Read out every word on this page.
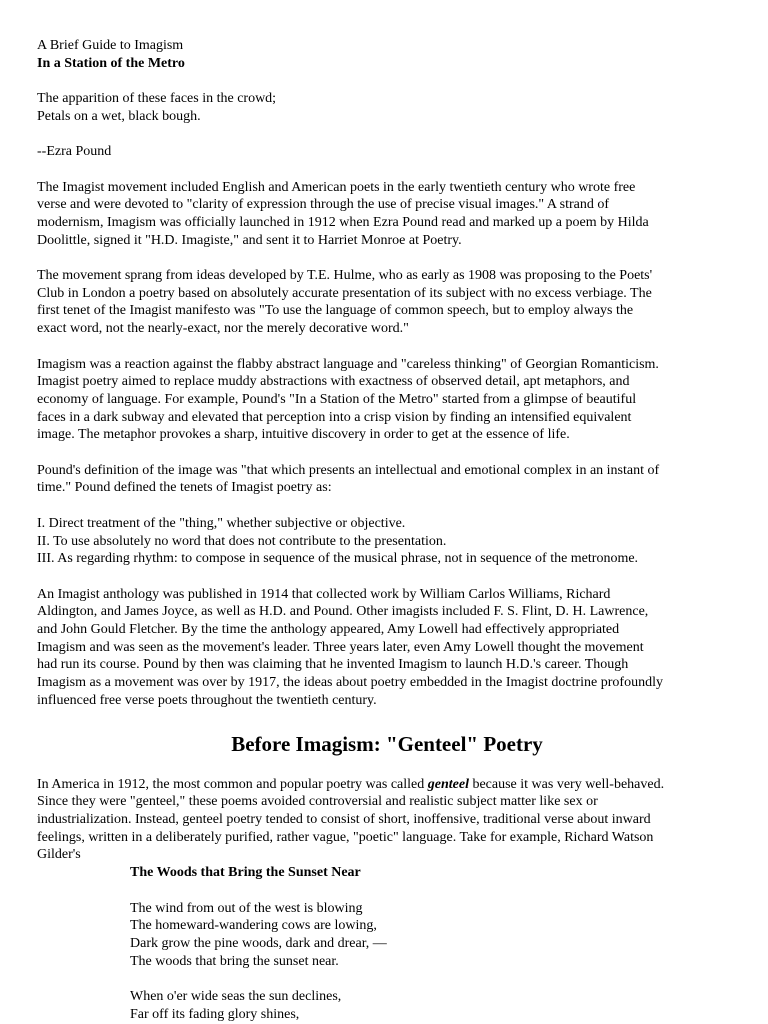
A Brief Guide to Imagism
In a Station of the Metro
The apparition of these faces in the crowd;
Petals on a wet, black bough.
--Ezra Pound
The Imagist movement included English and American poets in the early twentieth century who wrote free
verse and were devoted to "clarity of expression through the use of precise visual images." A strand of
modernism, Imagism was officially launched in 1912 when Ezra Pound read and marked up a poem by Hilda
Doolittle, signed it "H.D. Imagiste," and sent it to Harriet Monroe at Poetry.
The movement sprang from ideas developed by T.E. Hulme, who as early as 1908 was proposing to the Poets'
Club in London a poetry based on absolutely accurate presentation of its subject with no excess verbiage. The
first tenet of the Imagist manifesto was "To use the language of common speech, but to employ always the
exact word, not the nearly-exact, nor the merely decorative word."
Imagism was a reaction against the flabby abstract language and "careless thinking" of Georgian Romanticism.
Imagist poetry aimed to replace muddy abstractions with exactness of observed detail, apt metaphors, and
economy of language. For example, Pound's "In a Station of the Metro" started from a glimpse of beautiful
faces in a dark subway and elevated that perception into a crisp vision by finding an intensified equivalent
image. The metaphor provokes a sharp, intuitive discovery in order to get at the essence of life.
Pound's definition of the image was "that which presents an intellectual and emotional complex in an instant of
time." Pound defined the tenets of Imagist poetry as:
I. Direct treatment of the "thing," whether subjective or objective.
II. To use absolutely no word that does not contribute to the presentation.
III. As regarding rhythm: to compose in sequence of the musical phrase, not in sequence of the metronome.
An Imagist anthology was published in 1914 that collected work by William Carlos Williams, Richard
Aldington, and James Joyce, as well as H.D. and Pound. Other imagists included F. S. Flint, D. H. Lawrence,
and John Gould Fletcher. By the time the anthology appeared, Amy Lowell had effectively appropriated
Imagism and was seen as the movement's leader. Three years later, even Amy Lowell thought the movement
had run its course. Pound by then was claiming that he invented Imagism to launch H.D.'s career. Though
Imagism as a movement was over by 1917, the ideas about poetry embedded in the Imagist doctrine profoundly
influenced free verse poets throughout the twentieth century.
Before Imagism: "Genteel" Poetry
In America in 1912, the most common and popular poetry was called genteel because it was very well-behaved.
Since they were "genteel," these poems avoided controversial and realistic subject matter like sex or
industrialization. Instead, genteel poetry tended to consist of short, inoffensive, traditional verse about inward
feelings, written in a deliberately purified, rather vague, "poetic" language. Take for example, Richard Watson
Gilder's
The Woods that Bring the Sunset Near
The wind from out of the west is blowing
The homeward-wandering cows are lowing,
Dark grow the pine woods, dark and drear, —
The woods that bring the sunset near.
When o'er wide seas the sun declines,
Far off its fading glory shines,
